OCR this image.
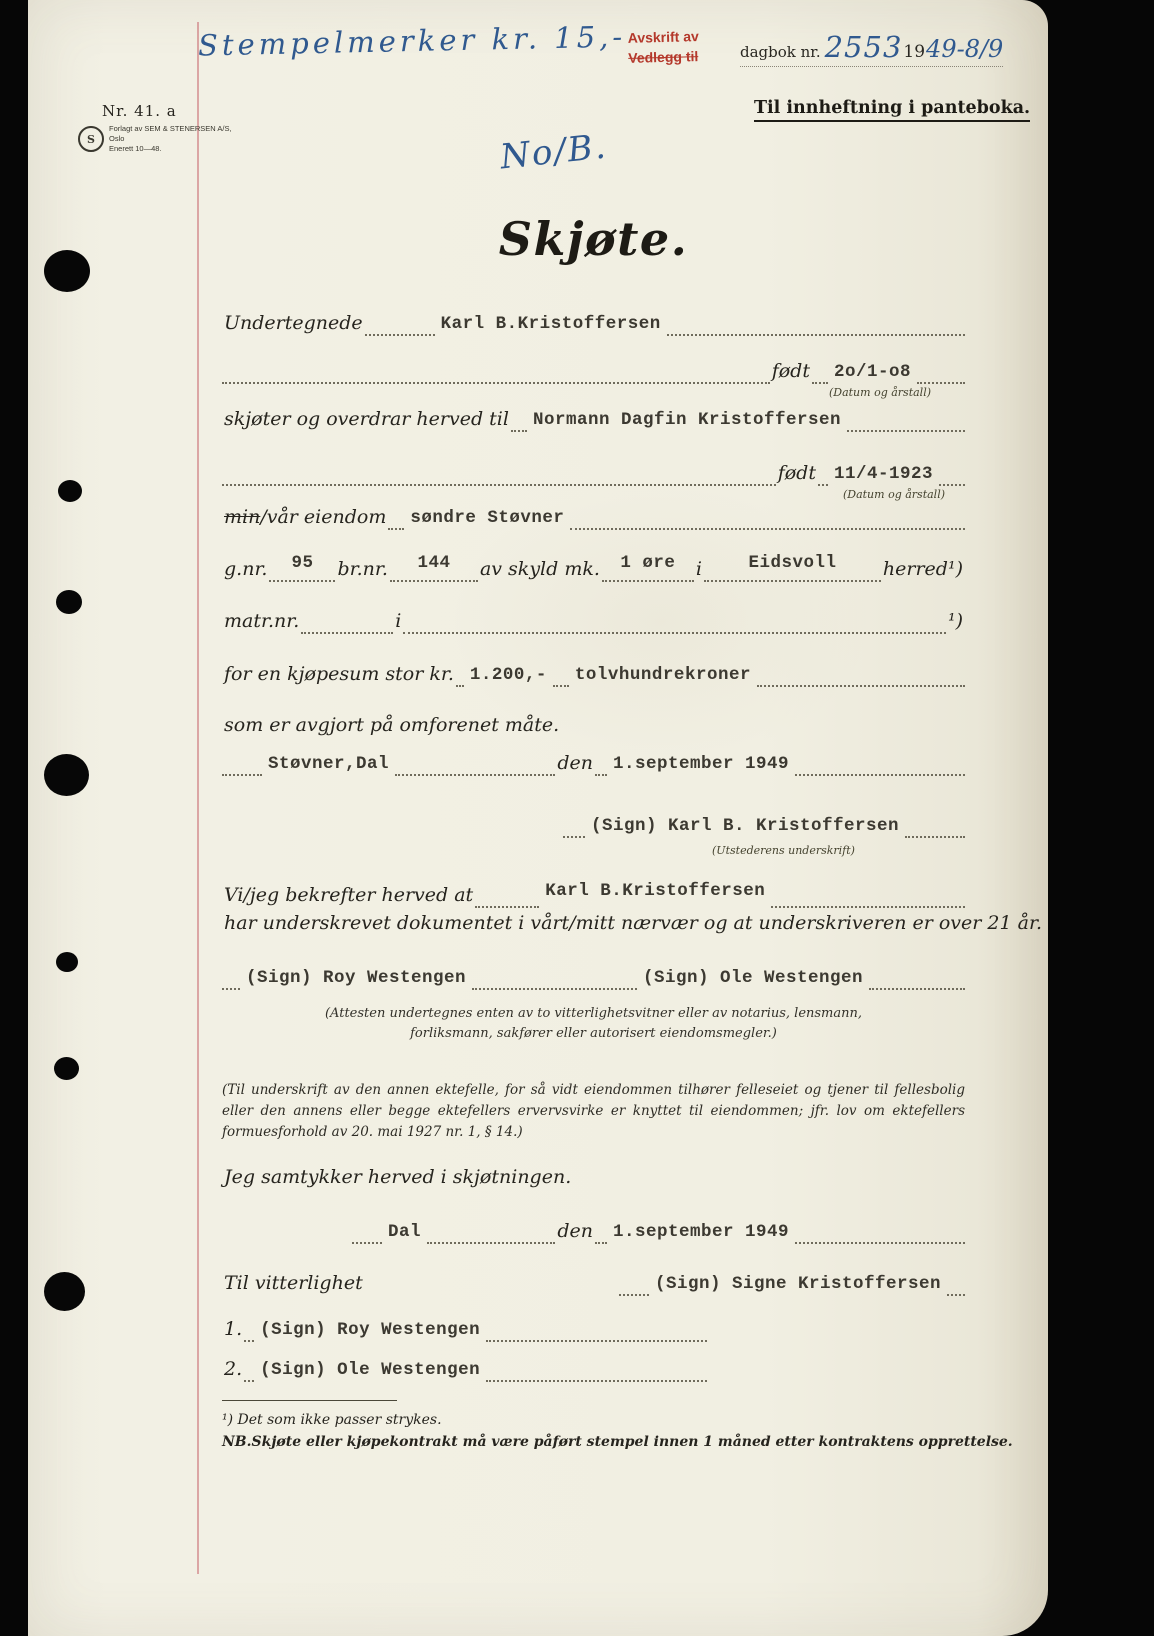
Stempelmerker kr. 15,- Avskrift av
Vedlegg til	dagbok nr. 2553 19 49-8/9
Til innheftning i panteboka.
Nr. 41. a
S
Forlagt av SEM & STENERSEN A/S, Oslo
Enerett 10—48.	No/B.
Skjøte.
Undertegnede	Karl B.Kristoffersen
født	2o/1-o8
(Datum og årstall)
skjøter og overdrar herved til	Normann Dagfin Kristoffersen
født	11/4-1923
(Datum og årstall)
min/vår eiendom	søndre Støvner
g.nr.	95	br.nr.	144	av skyld mk.	1 øre	i	Eidsvoll	herred¹)
matr.nr.	i	¹)
for en kjøpesum stor kr. 1.200,-	tolvhundrekroner
som er avgjort på omforenet måte.
Støvner,Dal	den	1.september 1949
(Sign) Karl B. Kristoffersen
(Utstederens underskrift)
Vi/jeg bekrefter herved at	Karl B.Kristoffersen
har underskrevet dokumentet i vårt/mitt nærvær og at underskriveren er over 21 år.
(Sign) Roy Westengen	(Sign) Ole Westengen
(Attesten undertegnes enten av to vitterlighetsvitner eller av notarius, lensmann,
forliksmann, sakfører eller autorisert eiendomsmegler.)
(Til underskrift av den annen ektefelle, for så vidt eiendommen tilhører felleseiet og tjener til fellesbolig eller den annens eller begge ektefellers ervervsvirke er knyttet til eiendommen; jfr. lov om ektefellers formuesforhold av 20. mai 1927 nr. 1, § 14.)
Jeg samtykker herved i skjøtningen.
Dal	den	1.september 1949
Til vitterlighet	(Sign) Signe Kristoffersen
1.	(Sign) Roy Westengen
2.	(Sign) Ole Westengen
¹) Det som ikke passer strykes.
NB. Skjøte eller kjøpekontrakt må være påført stempel innen 1 måned etter kontraktens opprettelse.
